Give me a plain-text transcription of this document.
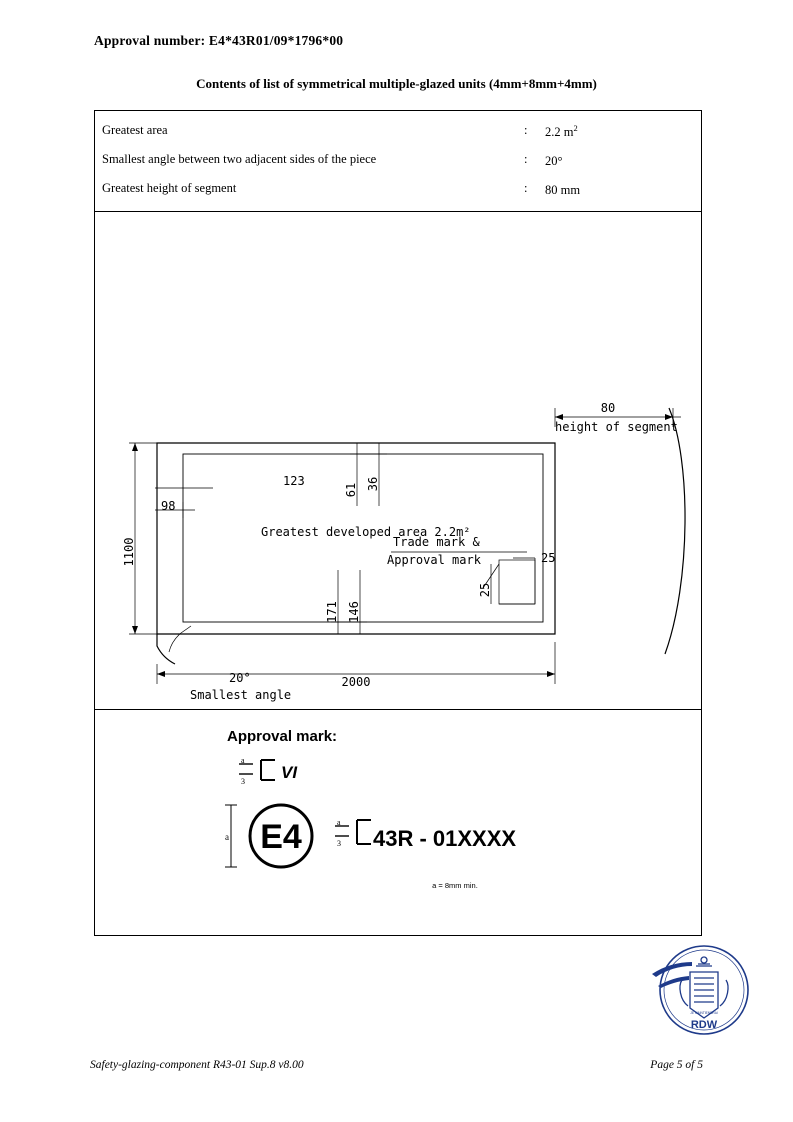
Approval number: E4*43R01/09*1796*00
Contents of list of symmetrical multiple-glazed units (4mm+8mm+4mm)
Greatest area	: 2.2 $m^2$
Smallest angle between two adjacent sides of the piece	: 20°
Greatest height of segment	: 80 mm
80
height of segment
123
98
Greatest developed area 2.2m²
Trade mark &
Approval mark	25
20°
Smallest angle
2000
1100
61 36
171 146
25
Approval mark:
a
3 VI
E4
a
a
3 43R - 01XXXX
a = 8mm min.
RDW
JE MAINTIENDRAI
Safety-glazing-component R43-01 Sup.8 v8.00	Page 5 of 5
